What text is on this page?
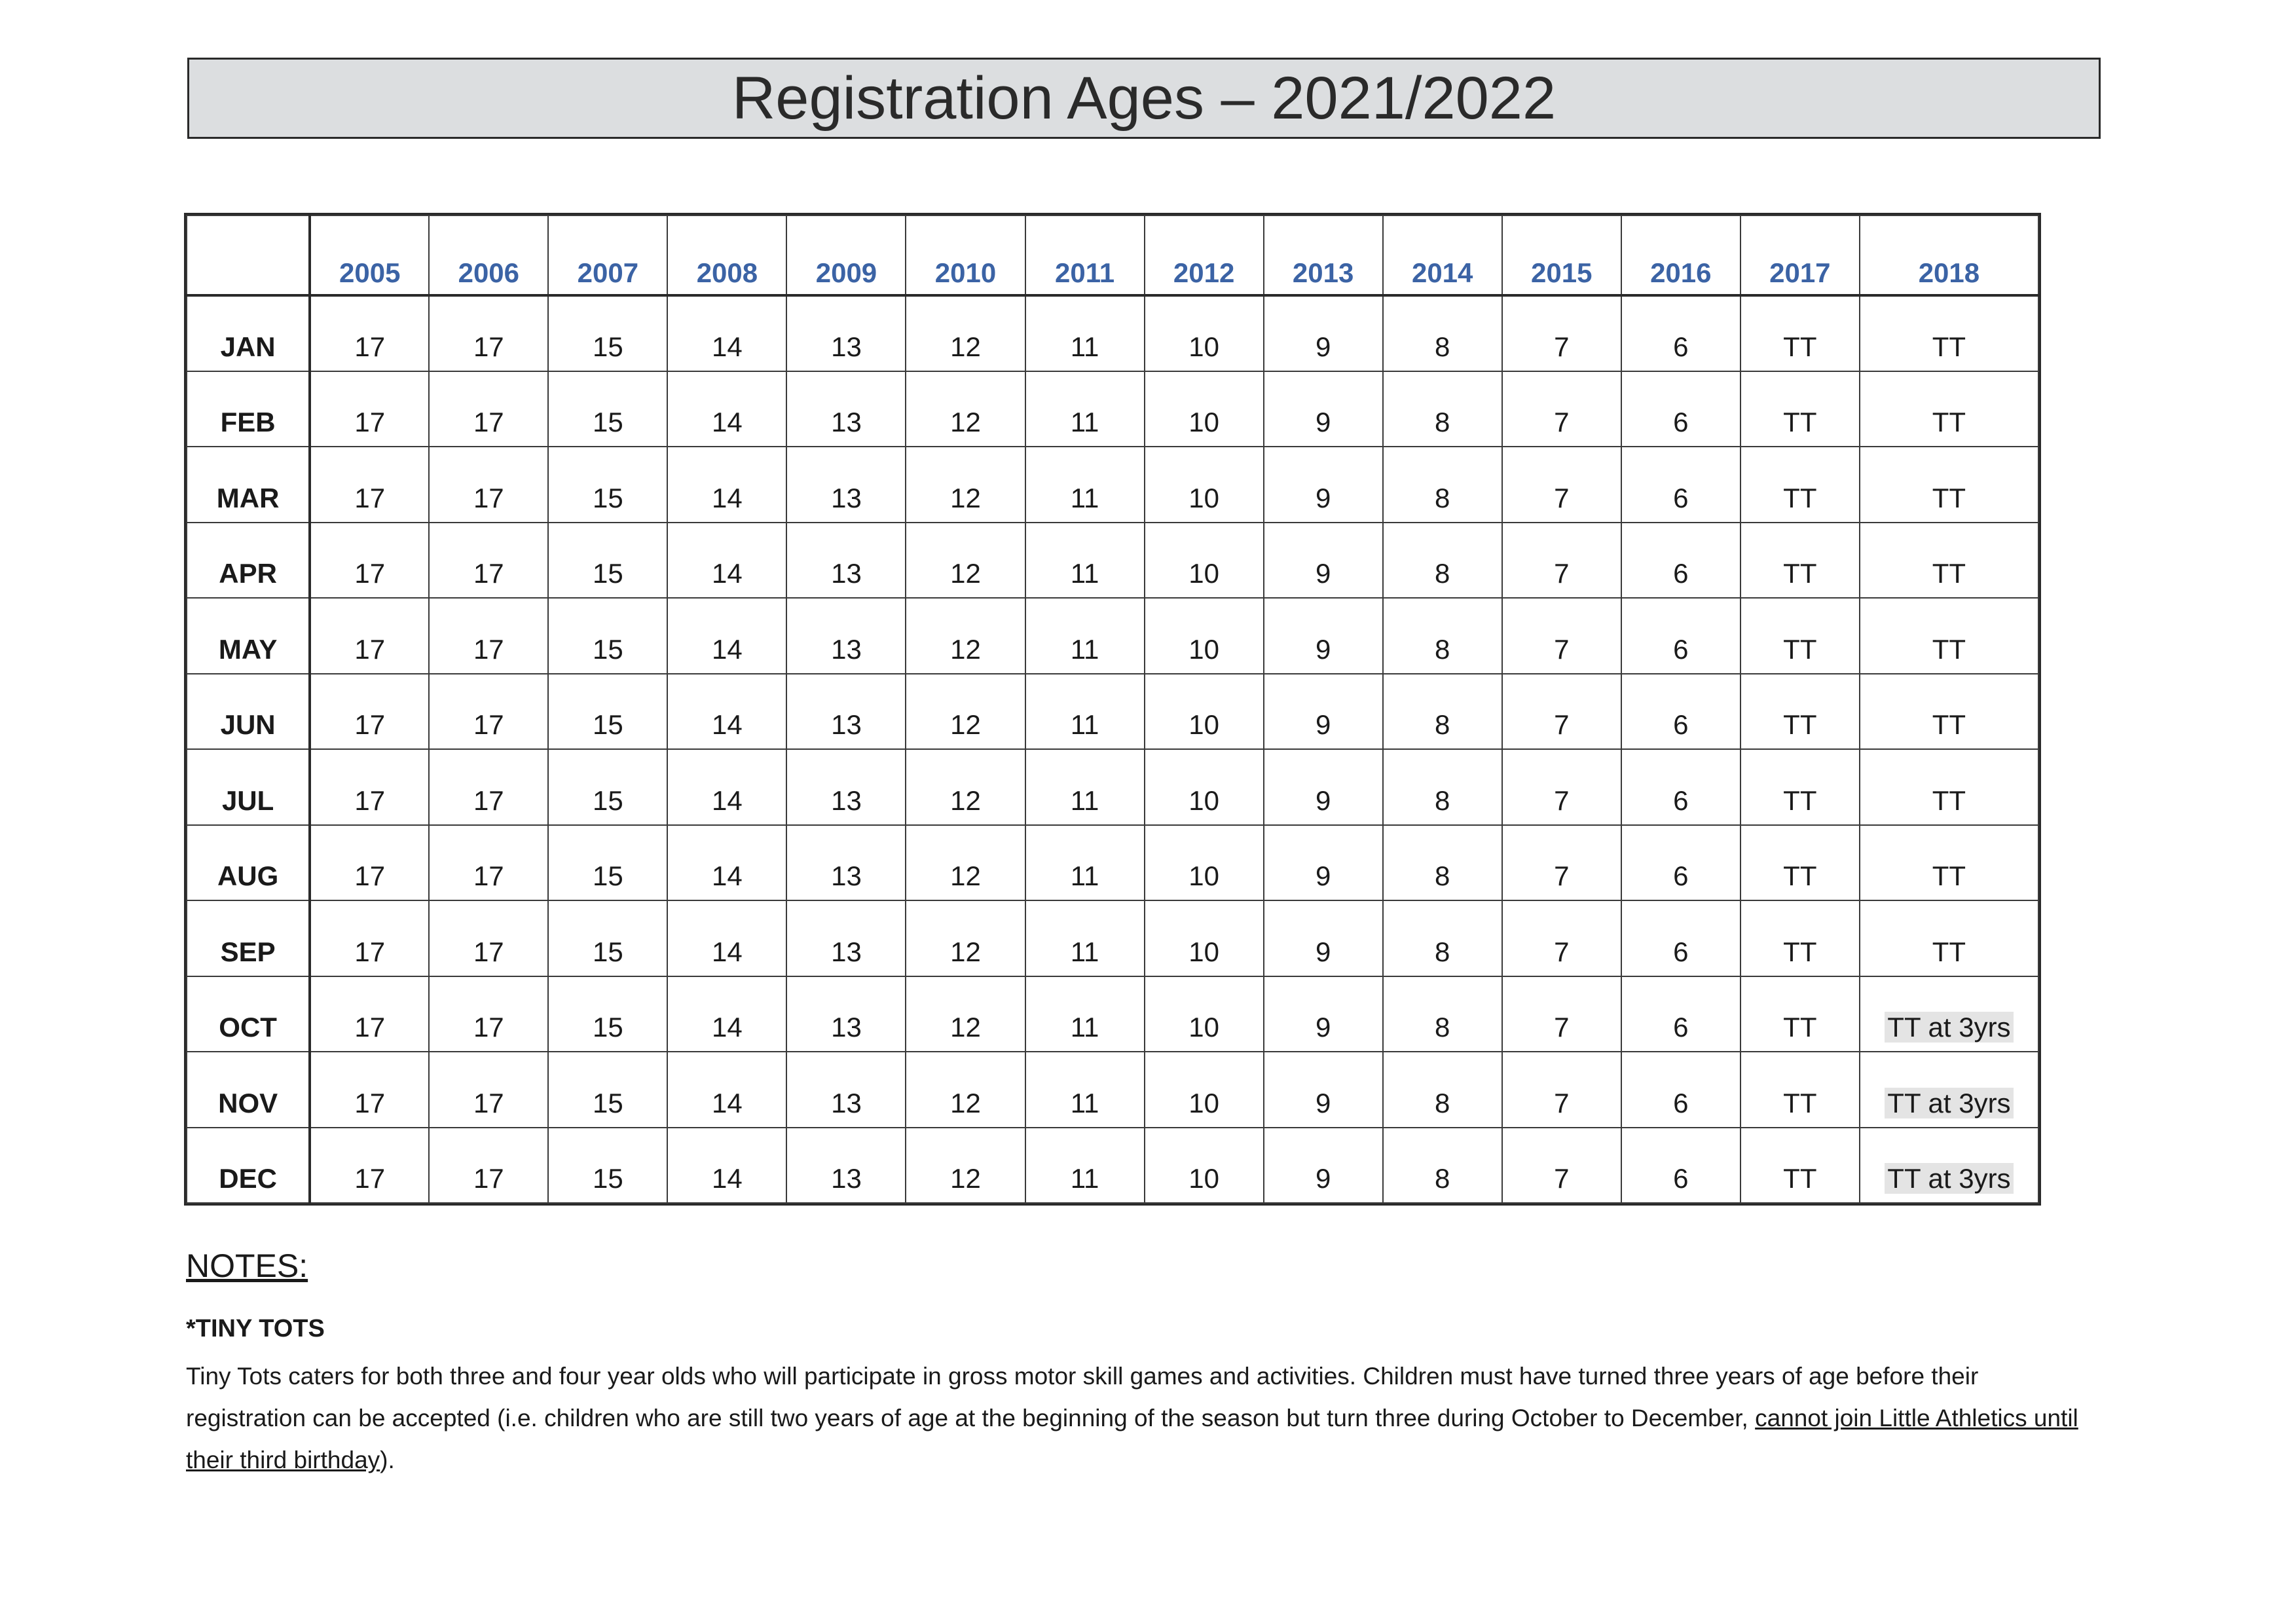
Registration Ages – 2021/2022
	2005	2006	2007	2008	2009	2010	2011	2012	2013	2014	2015	2016	2017	2018
JAN	17	17	15	14	13	12	11	10	9	8	7	6	TT	TT
FEB	17	17	15	14	13	12	11	10	9	8	7	6	TT	TT
MAR	17	17	15	14	13	12	11	10	9	8	7	6	TT	TT
APR	17	17	15	14	13	12	11	10	9	8	7	6	TT	TT
MAY	17	17	15	14	13	12	11	10	9	8	7	6	TT	TT
JUN	17	17	15	14	13	12	11	10	9	8	7	6	TT	TT
JUL	17	17	15	14	13	12	11	10	9	8	7	6	TT	TT
AUG	17	17	15	14	13	12	11	10	9	8	7	6	TT	TT
SEP	17	17	15	14	13	12	11	10	9	8	7	6	TT	TT
OCT	17	17	15	14	13	12	11	10	9	8	7	6	TT	TT at 3yrs
NOV	17	17	15	14	13	12	11	10	9	8	7	6	TT	TT at 3yrs
DEC	17	17	15	14	13	12	11	10	9	8	7	6	TT	TT at 3yrs
NOTES:
*TINY TOTS
Tiny Tots caters for both three and four year olds who will participate in gross motor skill games and activities. Children must have turned three years of age before their registration can be accepted (i.e. children who are still two years of age at the beginning of the season but turn three during October to December, cannot join Little Athletics until their third birthday).
